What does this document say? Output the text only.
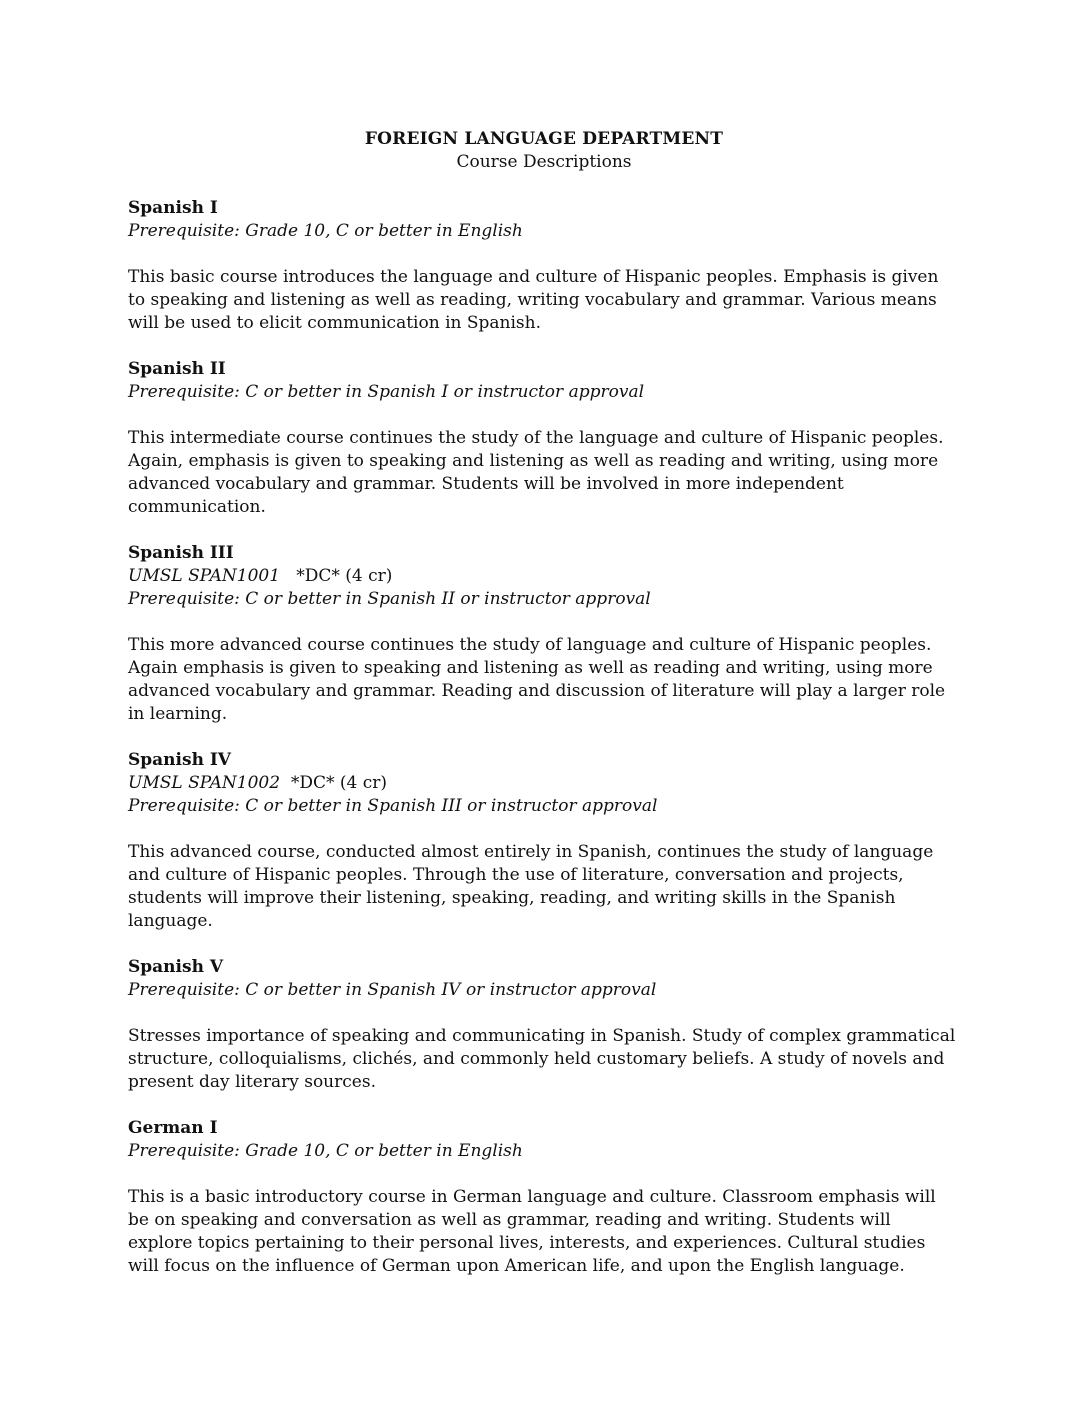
FOREIGN LANGUAGE DEPARTMENT
Course Descriptions
Spanish I
Prerequisite: Grade 10, C or better in English
This basic course introduces the language and culture of Hispanic peoples. Emphasis is given to speaking and listening as well as reading, writing vocabulary and grammar. Various means will be used to elicit communication in Spanish.
Spanish II
Prerequisite: C or better in Spanish I or instructor approval
This intermediate course continues the study of the language and culture of Hispanic peoples. Again, emphasis is given to speaking and listening as well as reading and writing, using more advanced vocabulary and grammar. Students will be involved in more independent communication.
Spanish III
UMSL SPAN1001 *DC* (4 cr)
Prerequisite: C or better in Spanish II or instructor approval
This more advanced course continues the study of language and culture of Hispanic peoples. Again emphasis is given to speaking and listening as well as reading and writing, using more advanced vocabulary and grammar. Reading and discussion of literature will play a larger role in learning.
Spanish IV
UMSL SPAN1002 *DC* (4 cr)
Prerequisite: C or better in Spanish III or instructor approval
This advanced course, conducted almost entirely in Spanish, continues the study of language and culture of Hispanic peoples. Through the use of literature, conversation and projects, students will improve their listening, speaking, reading, and writing skills in the Spanish language.
Spanish V
Prerequisite: C or better in Spanish IV or instructor approval
Stresses importance of speaking and communicating in Spanish. Study of complex grammatical structure, colloquialisms, clichés, and commonly held customary beliefs. A study of novels and present day literary sources.
German I
Prerequisite: Grade 10, C or better in English
This is a basic introductory course in German language and culture. Classroom emphasis will be on speaking and conversation as well as grammar, reading and writing. Students will explore topics pertaining to their personal lives, interests, and experiences. Cultural studies will focus on the influence of German upon American life, and upon the English language.
